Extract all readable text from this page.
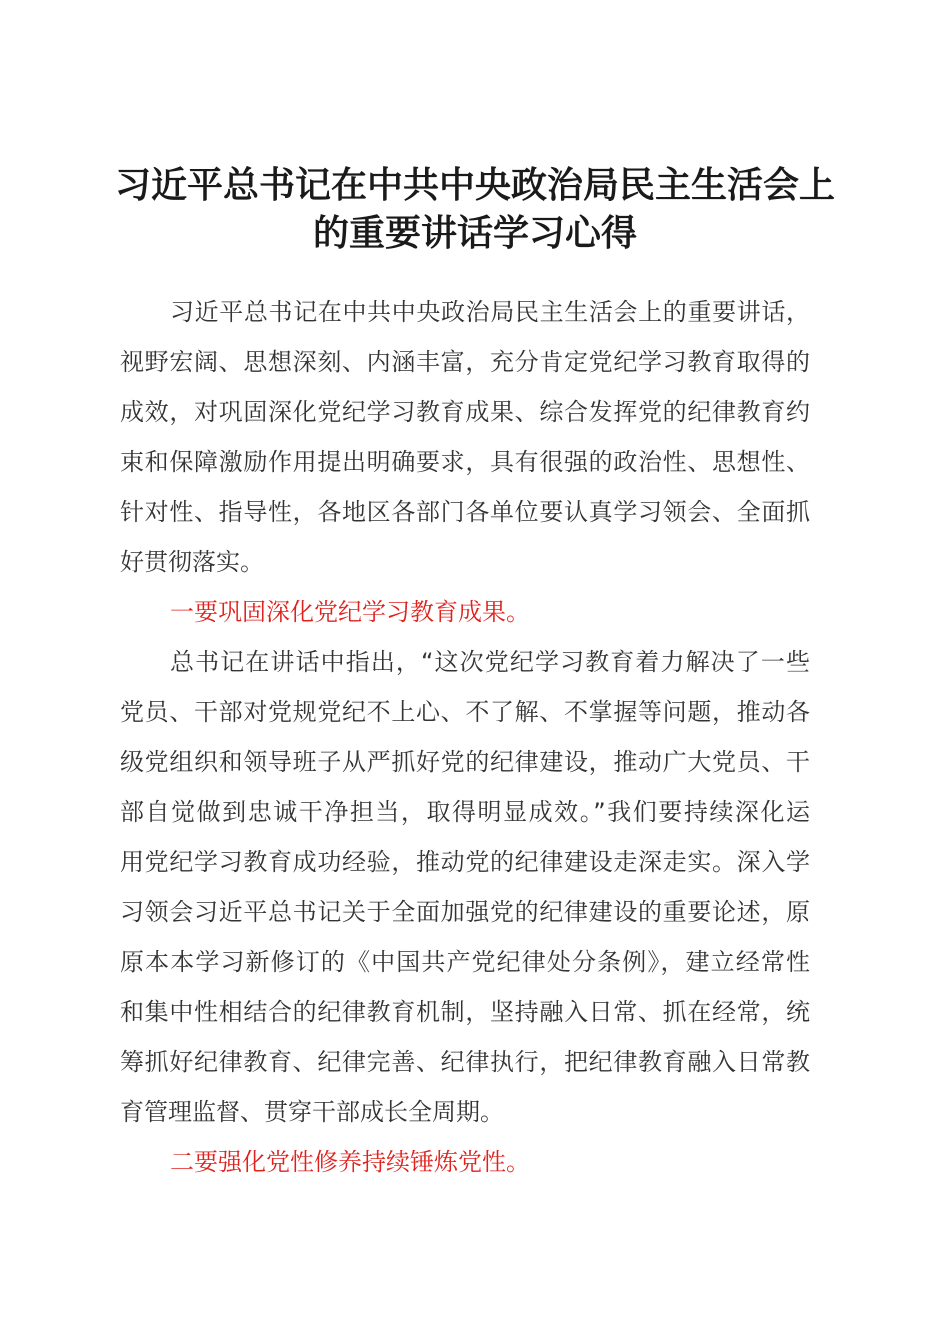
习近平总书记在中共中央政治局民主生活会上
的重要讲话学习心得

习近平总书记在中共中央政治局民主生活会上的重要讲话，

视野宏阔、思想深刻、内涵丰富，充分肯定党纪学习教育取得的

成效，对巩固深化党纪学习教育成果、综合发挥党的纪律教育约

束和保障激励作用提出明确要求，具有很强的政治性、思想性、

针对性、指导性，各地区各部门各单位要认真学习领会、全面抓

好贯彻落实。

一要巩固深化党纪学习教育成果。

总书记在讲话中指出，“这次党纪学习教育着力解决了一些

党员、干部对党规党纪不上心、不了解、不掌握等问题，推动各

级党组织和领导班子从严抓好党的纪律建设，推动广大党员、干

部自觉做到忠诚干净担当，取得明显成效。”我们要持续深化运

用党纪学习教育成功经验，推动党的纪律建设走深走实。深入学

习领会习近平总书记关于全面加强党的纪律建设的重要论述，原

原本本学习新修订的《中国共产党纪律处分条例》，建立经常性

和集中性相结合的纪律教育机制，坚持融入日常、抓在经常，统

筹抓好纪律教育、纪律完善、纪律执行，把纪律教育融入日常教

育管理监督、贯穿干部成长全周期。

二要强化党性修养持续锤炼党性。
